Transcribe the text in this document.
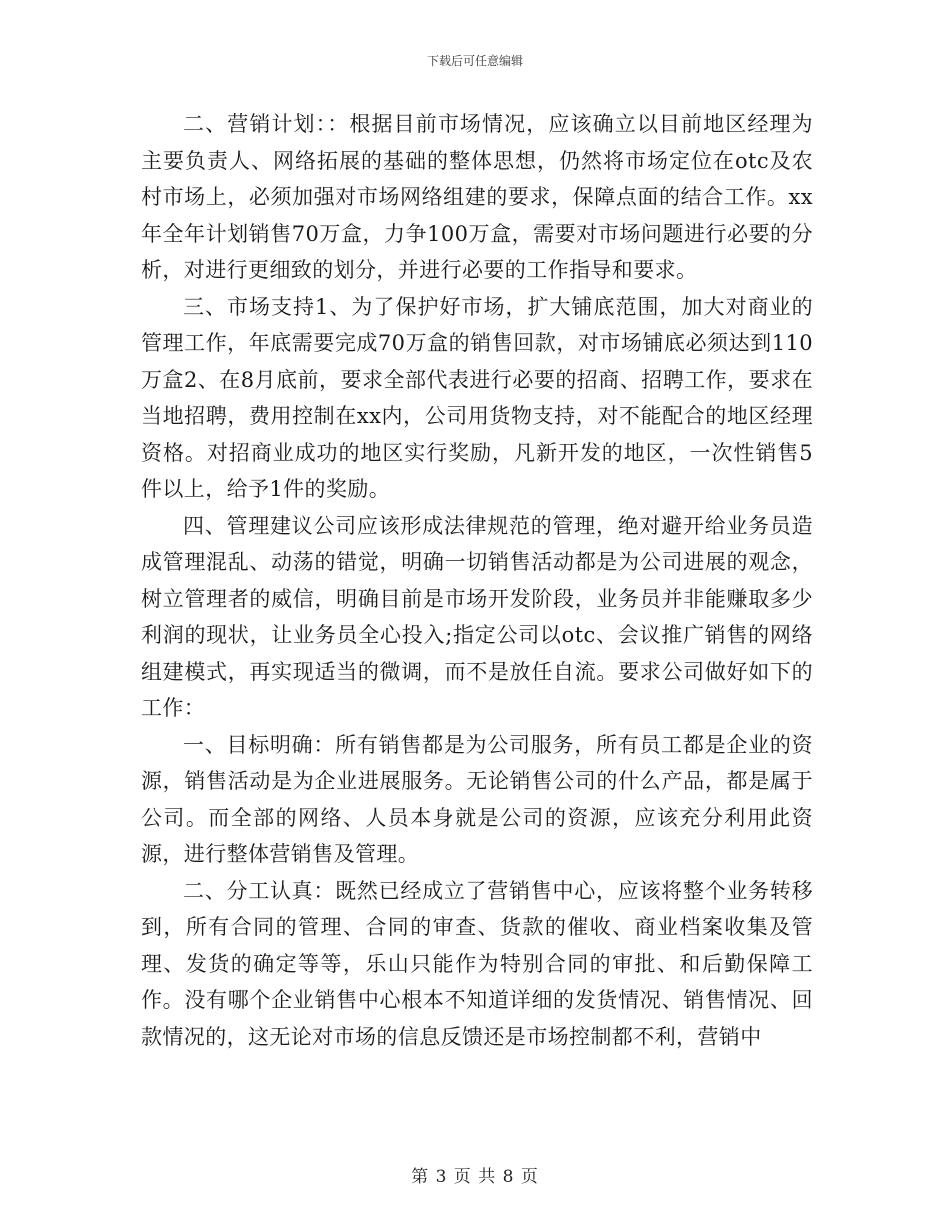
下载后可任意编辑

二、营销计划：：根据目前市场情况，应该确立以目前地区经理为主要负责人、网络拓展的基础的整体思想，仍然将市场定位在otc及农村市场上，必须加强对市场网络组建的要求，保障点面的结合工作。xx年全年计划销售70万盒，力争100万盒，需要对市场问题进行必要的分析，对进行更细致的划分，并进行必要的工作指导和要求。

三、市场支持1、为了保护好市场，扩大铺底范围，加大对商业的管理工作，年底需要完成70万盒的销售回款，对市场铺底必须达到110万盒2、在8月底前，要求全部代表进行必要的招商、招聘工作，要求在当地招聘，费用控制在xx内，公司用货物支持，对不能配合的地区经理资格。对招商业成功的地区实行奖励，凡新开发的地区，一次性销售5件以上，给予1件的奖励。

四、管理建议公司应该形成法律规范的管理，绝对避开给业务员造成管理混乱、动荡的错觉，明确一切销售活动都是为公司进展的观念，树立管理者的威信，明确目前是市场开发阶段，业务员并非能赚取多少利润的现状，让业务员全心投入;指定公司以otc、会议推广销售的网络组建模式，再实现适当的微调，而不是放任自流。要求公司做好如下的工作：

一、目标明确：所有销售都是为公司服务，所有员工都是企业的资源，销售活动是为企业进展服务。无论销售公司的什么产品，都是属于公司。而全部的网络、人员本身就是公司的资源，应该充分利用此资源，进行整体营销售及管理。

二、分工认真：既然已经成立了营销售中心，应该将整个业务转移到，所有合同的管理、合同的审查、货款的催收、商业档案收集及管理、发货的确定等等，乐山只能作为特别合同的审批、和后勤保障工作。没有哪个企业销售中心根本不知道详细的发货情况、销售情况、回款情况的，这无论对市场的信息反馈还是市场控制都不利，营销中

第 3 页 共 8 页
